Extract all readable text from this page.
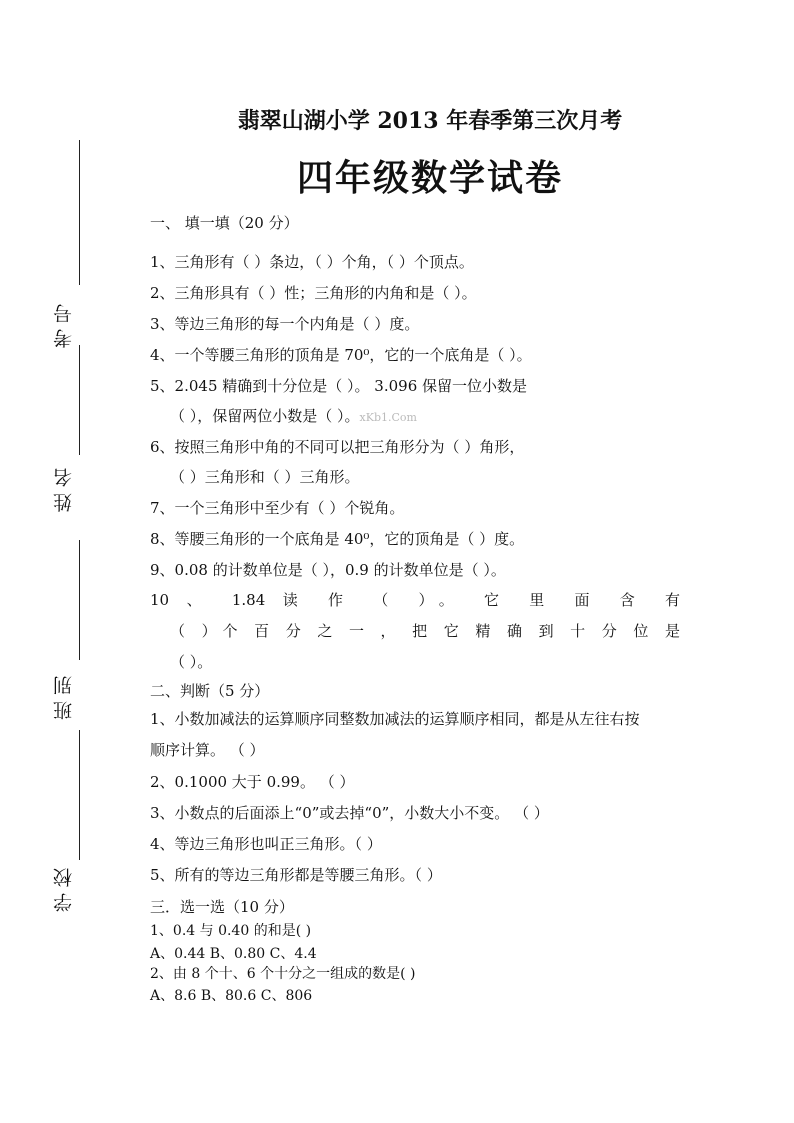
考号
姓名
班别
学校
翡翠山湖小学 2013 年春季第三次月考
四年级数学试卷
一、 填一填（20 分）
1、三角形有（ ）条边，（ ）个角，（ ）个顶点。
2、三角形具有（ ）性；三角形的内角和是（ ）。
3、等边三角形的每一个内角是（ ）度。
4、一个等腰三角形的顶角是 70⁰，它的一个底角是（ ）。
5、2.045 精确到十分位是（ ）。 3.096 保留一位小数是
（ ），保留两位小数是（ ）。xKb1.Com
6、按照三角形中角的不同可以把三角形分为（ ）角形，
（ ）三角形和（ ）三角形。
7、一个三角形中至少有（ ）个锐角。
8、等腰三角形的一个底角是 40⁰，它的顶角是（ ）度。
9、0.08 的计数单位是（ ），0.9 的计数单位是（ ）。
10 、 1.84 读 作 （ ）。 它 里 面 含 有
（ ）个 百 分 之 一 ， 把 它 精 确 到 十 分 位 是
（ ）。
二、判断（5 分）
1、小数加减法的运算顺序同整数加减法的运算顺序相同，都是从左往右按
顺序计算。 （ ）
2、0.1000 大于 0.99。 （ ）
3、小数点的后面添上“0”或去掉“0”，小数大小不变。 （ ）
4、等边三角形也叫正三角形。（ ）
5、所有的等边三角形都是等腰三角形。（ ）
三．选一选（10 分）
1、0.4 与 0.40 的和是( )
A、0.44 B、0.80 C、4.4
2、由 8 个十、6 个十分之一组成的数是( )
A、8.6 B、80.6 C、806
